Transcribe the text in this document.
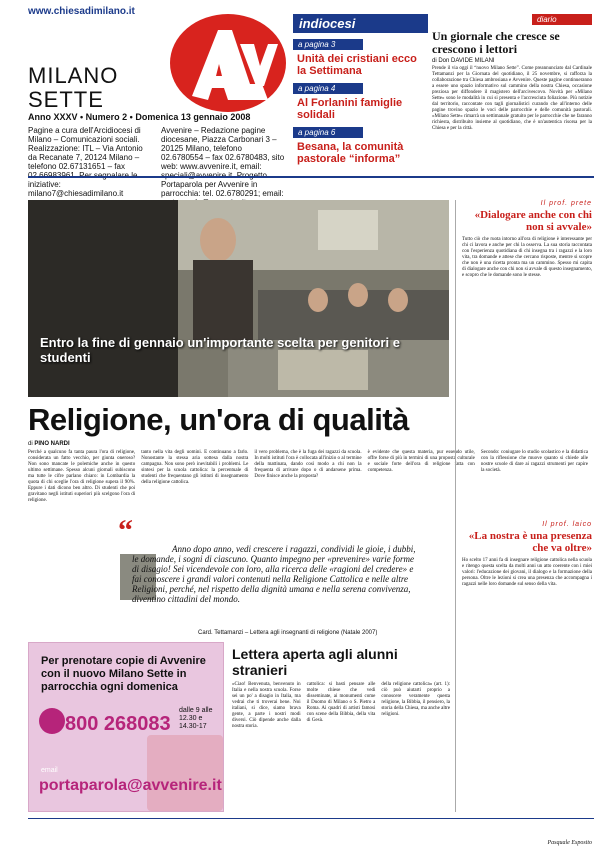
www.chiesadimilano.it
MILANO
SETTE
Anno XXXV • Numero 2 • Domenica 13 gennaio 2008
Pagine a cura dell'Arcidiocesi di Milano – Comunicazioni sociali. Realizzazione: ITL – Via Antonio da Recanate 7, 20124 Milano – telefono 02.67131651 – fax iniziative: milano7@chiesadimilano.it
Avvenire – Redazione pagine diocesane, Piazza Carbonari 3 – 20125 Milano, telefono 02.6780554 – fax 02.6780483, sito web: www.avvenire.it, email: Portaparola per Avvenire in parrocchia: tel. 02.6780291; email:
indiocesi
a pagina 3
Unità dei cristiani ecco la Settimana
a pagina 4
Al Forlanini famiglie solidali
a pagina 6
Besana, la comunità pastorale “informa”
diario
Un giornale che cresce se crescono i lettori
di Don DAVIDE MILANI
Prende il via oggi il “nuovo Milano Sette”. Come preannunciato dal Cardinale Tettamanzi per la Giornata del quotidiano, il 25 novembre, si rafforza la collaborazione tra Chiesa ambrosiana e Avvenire. Queste pagine continueranno a essere uno spazio informativo sul cammino della nostra Chiesa, occasione preziosa per diffondere il magistero dell'arcivescovo. Novità per «Milano Sette» sono le modalità in cui si presenta e l'accresciuta foliazione. Più notizie dal territorio, raccontate con tagli giornalistici curando che all'interno delle pagine trovino spazio le voci delle parrocchie e delle comunità pastorali. «Milano Sette» rimarrà un settimanale gratuito per le parrocchie che ne faranno richiesta, distribuito insieme al quotidiano, che è un'autentica risorsa per la Chiesa e per la città.
Entro la fine di gennaio un'importante scelta per genitori e studenti
Religione, un'ora di qualità
di PINO NARDI
Perché a qualcuno fa tanta paura l'ora di religione, considerata un fatto vecchio, per giunta oneroso? Non sono mancate le polemiche anche in questo ultimo settimane. Spesso alcuni giornali subiscono ma tutte le cifre parlano chiaro: in Lombardia la quota di chi sceglie l'ora di religione supera il 90%. Eppure i dati dicono ben altro. Di studenti che poi gravitano negli istituti superiori più scelgono l'ora di religione.
tanto nella vita degli uomini. E continuano a farlo. Nonostante la stessa aria sottesa dalla nostra campagna. Non sono però inevitabili i problemi. Le sintesi per la scuola cattolica: la percentuale di studenti che frequentano gli istituti di insegnamento della religione cattolica.
il vero problema, che è la fuga dei ragazzi da scuola. In molti istituti l'ora è collocata all'inizio o al termine della mattinata, dando così modo a chi non la frequenta di arrivare dopo o di andarsene prima. Dove finisce anche la proposta?
è evidente che questa materia, pur essendo utile, offre forse di più in termini di una proposta culturale e sociale forte dell'ora di religione fatta con competenza.
Secondo: coniugare lo studio scolastico e la didattica con la riflessione che muove quanto si chiede alle nostre scuole di dare ai ragazzi strumenti per capire la società.
“
Anno dopo anno, vedi crescere i ragazzi, condividi le gioie, i dubbi, le domande, i sogni di ciascuno. Quanto impegno per «prevenire» varie forme di disagio! Sei vicendevole con loro, alla ricerca delle «ragioni del credere» e fai conoscere i grandi valori contenuti nella Religione Cattolica e nelle altre Religioni, perché, nel rispetto della dignità umana e nella serena convivenza, diventino cittadini del mondo.
Card. Tettamanzi – Lettera agli insegnanti di religione (Natale 2007)
Il prof. prete
«Dialogare anche con chi non si avvale»
Tutto ciò che ruota intorno all'ora di religione è interessante per chi ci lavora e anche per chi la osserva. La sua storia raccontata con l'esperienza quotidiana di chi insegna tra i ragazzi e la loro vita, tra domande e attese che cercano risposte, mentre si scopre che non è una ricetta pronta ma un cammino. Spesso mi capita di dialogare anche con chi non si avvale di questo insegnamento, e scopro che le domande sono le stesse.
Il prof. laico
«La nostra è una presenza che va oltre»
Ho scelto 17 anni fa di insegnare religione cattolica nella scuola e ritengo questa scelta da molti anni un atto coerente con i miei valori: l'educazione dei giovani, il dialogo e la formazione della persona. Oltre le lezioni si crea una presenza che accompagna i ragazzi nelle loro domande sul senso della vita.
Pasquale Esposito
Per prenotare copie di Avvenire con il nuovo Milano Sette in parrocchia ogni domenica
800 268083
dalle 9 alle 12.30 e 14.30-17
email
portaparola@avvenire.it
Lettera aperta agli alunni stranieri
«Ciao! Benvenuta, benvenuto in Italia e nella nostra scuola. Forse sei un po' a disagio in Italia, ma vedrai che ti troverai bene. Noi italiani, si dice, siamo brava gente, a parte i nostri modi diversi. Ciò dipende anche dalla nostra storia.
cattolica: si basti pensare alle molte chiese che vedi disseminate, ai monumenti come il Duomo di Milano o S. Pietro a Roma. Ai quadri di artisti famosi con scene della Bibbia, della vita di Gesù.
della religione cattolica» (art. 1): ciò può aiutarti proprio a conoscere veramente questa religione, la Bibbia, il pensiero, la storia della Chiesa, ma anche altre religioni.
